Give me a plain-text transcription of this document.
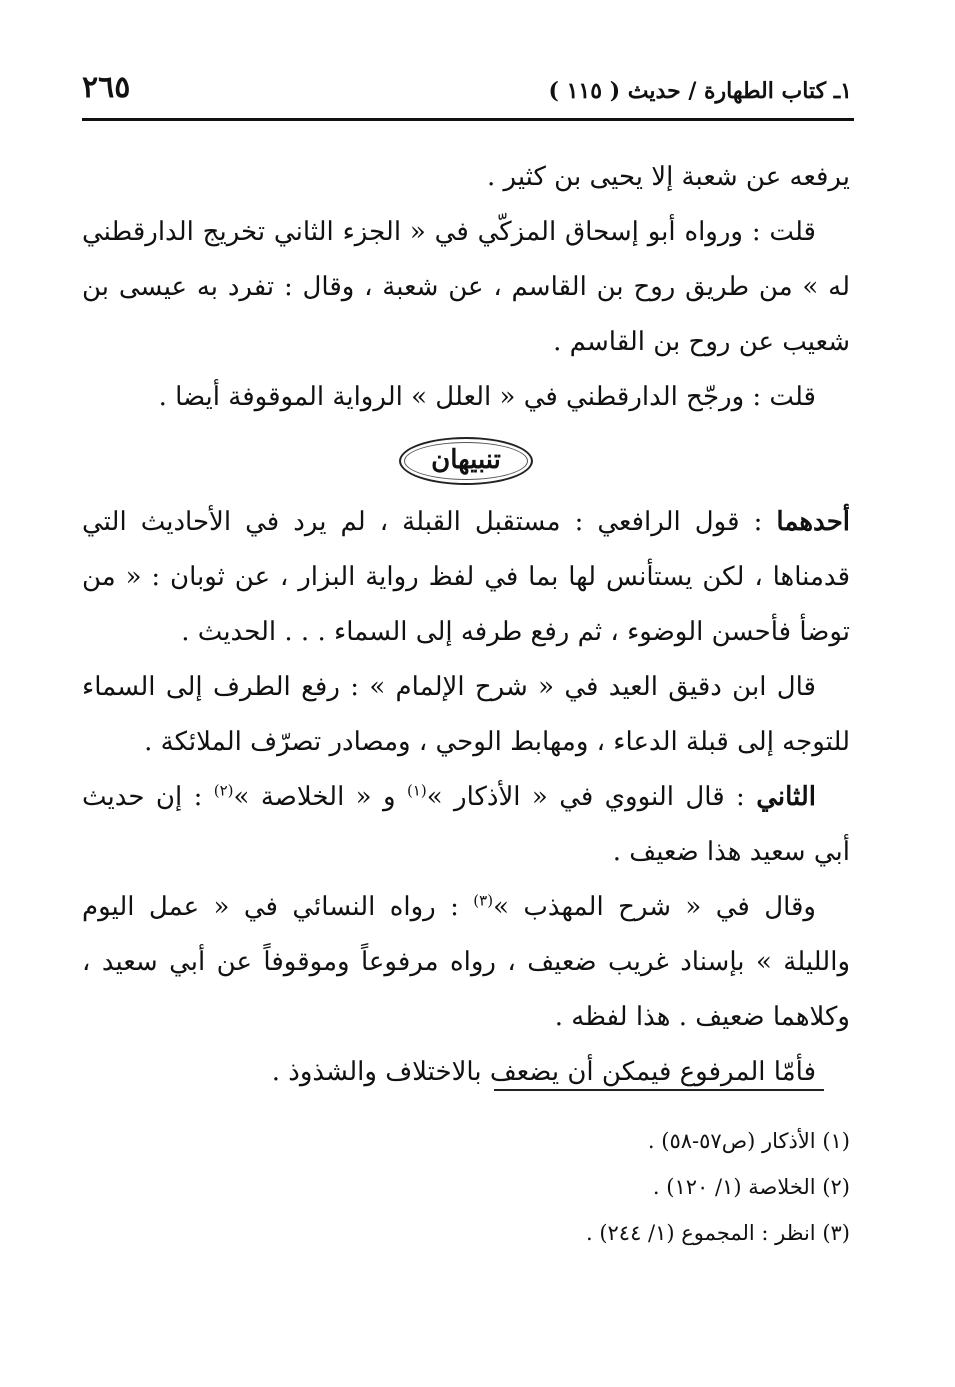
١ـ كتاب الطهارة / حديث ( ١١٥ )
٢٦٥

يرفعه عن شعبة إلا يحيى بن كثير .

قلت : ورواه أبو إسحاق المزكّي في « الجزء الثاني تخريج الدارقطني له » من طريق روح بن القاسم ، عن شعبة ، وقال : تفرد به عيسى بن شعيب عن روح بن القاسم .

قلت : ورجّح الدارقطني في « العلل » الرواية الموقوفة أيضا .

تنبيهان

أحدهما : قول الرافعي : مستقبل القبلة ، لم يرد في الأحاديث التي قدمناها ، لكن يستأنس لها بما في لفظ رواية البزار ، عن ثوبان : « من توضأ فأحسن الوضوء ، ثم رفع طرفه إلى السماء . . . الحديث .

قال ابن دقيق العيد في « شرح الإلمام » : رفع الطرف إلى السماء للتوجه إلى قبلة الدعاء ، ومهابط الوحي ، ومصادر تصرّف الملائكة .

الثاني : قال النووي في « الأذكار »$^{(١)}$ و « الخلاصة »$^{(٢)}$ : إن حديث أبي سعيد هذا ضعيف .

وقال في « شرح المهذب »$^{(٣)}$ : رواه النسائي في « عمل اليوم والليلة » بإسناد غريب ضعيف ، رواه مرفوعاً وموقوفاً عن أبي سعيد ، وكلاهما ضعيف . هذا لفظه .

فأمّا المرفوع فيمكن أن يضعف بالاختلاف والشذوذ .

(١) الأذكار (ص٥٧-٥٨) .
(٢) الخلاصة (١/ ١٢٠) .
(٣) انظر : المجموع (١/ ٢٤٤) .
